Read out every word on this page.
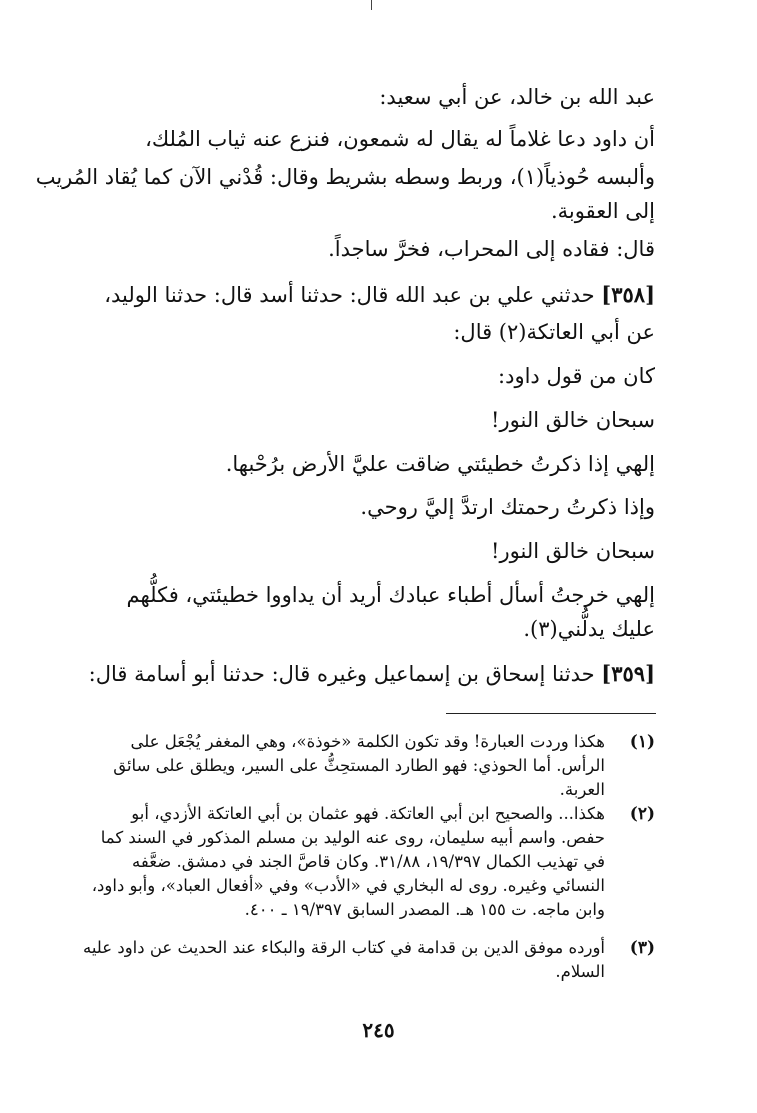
عبد الله بن خالد، عن أبي سعيد:
أن داود دعا غلاماً له يقال له شمعون، فنزع عنه ثياب المُلك،
وألبسه حُوذياً(١)، وربط وسطه بشريط وقال: قُدْني الآن كما يُقاد المُريب
إلى العقوبة.
قال: فقاده إلى المحراب، فخرَّ ساجداً.
[٣٥٨] حدثني علي بن عبد الله قال: حدثنا أسد قال: حدثنا الوليد،
عن أبي العاتكة(٢) قال:
كان من قول داود:
سبحان خالق النور!
إلهي إذا ذكرتُ خطيئتي ضاقت عليَّ الأرض برُحْبها.
وإذا ذكرتُ رحمتك ارتدَّ إليَّ روحي.
سبحان خالق النور!
إلهي خرجتُ أسأل أطباء عبادك أريد أن يداووا خطيئتي، فكلُّهم
عليك يدلُّني(٣).
[٣٥٩] حدثنا إسحاق بن إسماعيل وغيره قال: حدثنا أبو أسامة قال:
(١)
هكذا وردت العبارة! وقد تكون الكلمة «خوذة»، وهي المغفر يُجْعَل على
الرأس. أما الحوذي: فهو الطارد المستحِثُّ على السير، ويطلق على سائق
العربة.
(٢)
هكذا... والصحيح ابن أبي العاتكة. فهو عثمان بن أبي العاتكة الأزدي، أبو
حفص. واسم أبيه سليمان، روى عنه الوليد بن مسلم المذكور في السند كما
في تهذيب الكمال ١٩/٣٩٧، ٣١/٨٨. وكان قاصَّ الجند في دمشق. ضعَّفه
النسائي وغيره. روى له البخاري في «الأدب» وفي «أفعال العباد»، وأبو داود،
وابن ماجه. ت ١٥٥ هـ. المصدر السابق ١٩/٣٩٧ ـ ٤٠٠.
(٣)
أورده موفق الدين بن قدامة في كتاب الرقة والبكاء عند الحديث عن داود عليه
السلام.
٢٤٥
